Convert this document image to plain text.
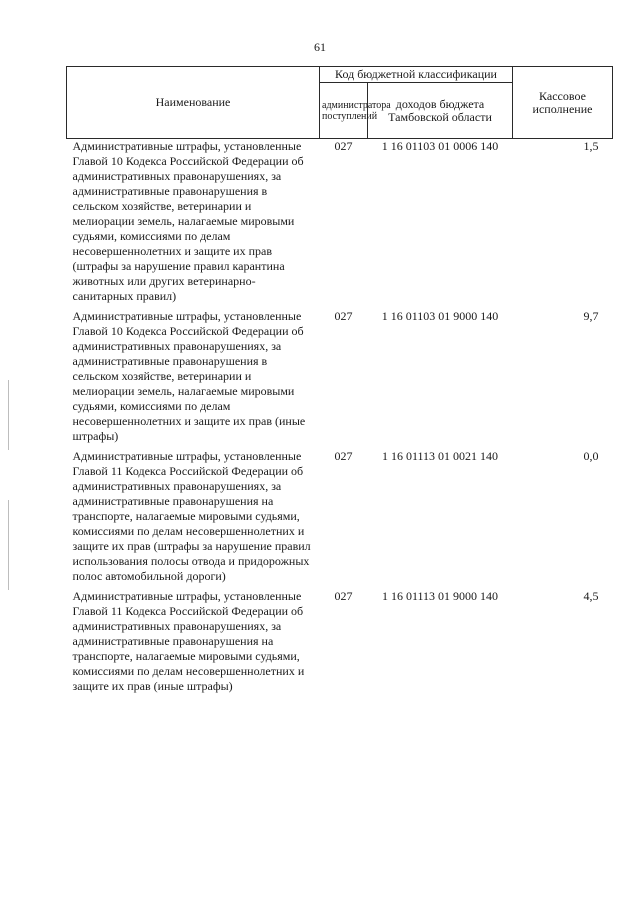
61
Наименование	Код бюджетной классификации		Кассовое исполнение
	администратора поступлений	доходов бюджета Тамбовской области	
Административные штрафы, установленные Главой 10 Кодекса Российской Федерации об административных правонарушениях, за административные правонарушения в сельском хозяйстве, ветеринарии и мелиорации земель, налагаемые мировыми судьями, комиссиями по делам несовершеннолетних и защите их прав (штрафы за нарушение правил карантина животных или других ветеринарно-санитарных правил)	027	1 16 01103 01 0006 140	1,5
Административные штрафы, установленные Главой 10 Кодекса Российской Федерации об административных правонарушениях, за административные правонарушения в сельском хозяйстве, ветеринарии и мелиорации земель, налагаемые мировыми судьями, комиссиями по делам несовершеннолетних и защите их прав (иные штрафы)	027	1 16 01103 01 9000 140	9,7
Административные штрафы, установленные Главой 11 Кодекса Российской Федерации об административных правонарушениях, за административные правонарушения на транспорте, налагаемые мировыми судьями, комиссиями по делам несовершеннолетних и защите их прав (штрафы за нарушение правил использования полосы отвода и придорожных полос автомобильной дороги)	027	1 16 01113 01 0021 140	0,0
Административные штрафы, установленные Главой 11 Кодекса Российской Федерации об административных правонарушениях, за административные правонарушения на транспорте, налагаемые мировыми судьями, комиссиями по делам несовершеннолетних и защите их прав (иные штрафы)	027	1 16 01113 01 9000 140	4,5
